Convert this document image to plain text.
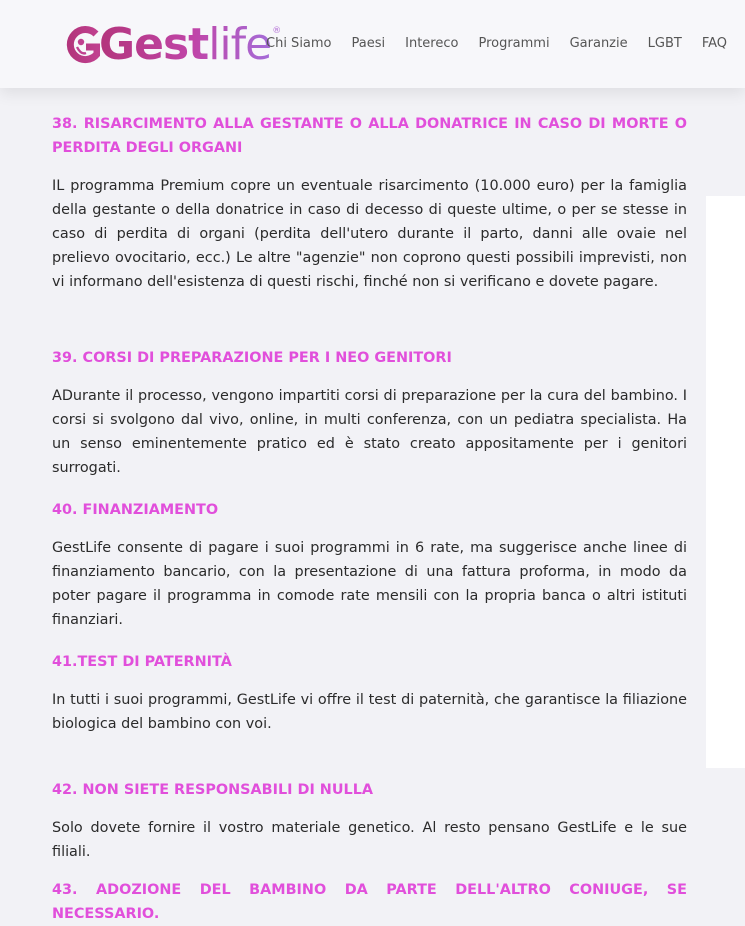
Gestlife ®
Chi Siamo Paesi Intereco Programmi Garanzie LGBT FAQ
38. RISARCIMENTO ALLA GESTANTE O ALLA DONATRICE IN CASO DI MORTE O PERDITA DEGLI ORGANI

IL programma Premium copre un eventuale risarcimento (10.000 euro) per la famiglia della gestante o della donatrice in caso di decesso di queste ultime, o per se stesse in caso di perdita di organi (perdita dell'utero durante il parto, danni alle ovaie nel prelievo ovocitario, ecc.) Le altre "agenzie" non coprono questi possibili imprevisti, non vi informano dell'esistenza di questi rischi, finché non si verificano e dovete pagare.

39. CORSI DI PREPARAZIONE PER I NEO GENITORI

ADurante il processo, vengono impartiti corsi di preparazione per la cura del bambino. I corsi si svolgono dal vivo, online, in multi conferenza, con un pediatra specialista. Ha un senso eminentemente pratico ed è stato creato appositamente per i genitori surrogati.

40. FINANZIAMENTO

GestLife consente di pagare i suoi programmi in 6 rate, ma suggerisce anche linee di finanziamento bancario, con la presentazione di una fattura proforma, in modo da poter pagare il programma in comode rate mensili con la propria banca o altri istituti finanziari.

41.TEST DI PATERNITÀ

In tutti i suoi programmi, GestLife vi offre il test di paternità, che garantisce la filiazione biologica del bambino con voi.

42. NON SIETE RESPONSABILI DI NULLA

Solo dovete fornire il vostro materiale genetico. Al resto pensano GestLife e le sue filiali.

43. ADOZIONE DEL BAMBINO DA PARTE DELL'ALTRO CONIUGE, SE NECESSARIO.
